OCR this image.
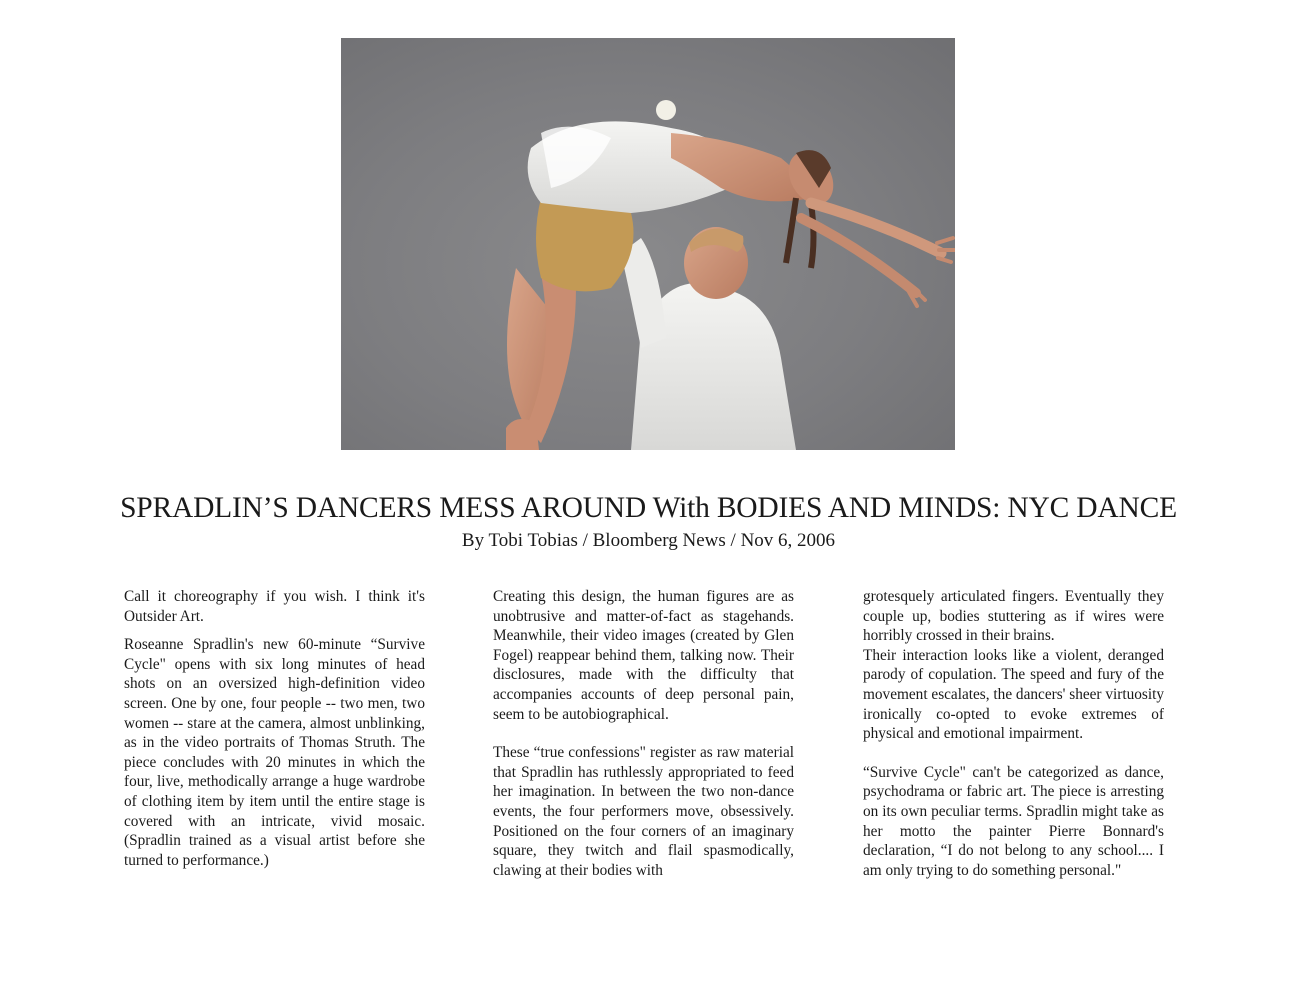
SPRADLIN’S DANCERS MESS AROUND With BODIES AND MINDS: NYC DANCE
By Tobi Tobias / Bloomberg News / Nov 6, 2006

Call it choreography if you wish. I think it's Outsider Art.

Roseanne Spradlin's new 60-minute “Survive Cycle" opens with six long minutes of head shots on an oversized high-definition video screen. One by one, four people -- two men, two women -- stare at the camera, almost unblinking, as in the video portraits of Thomas Struth. The piece concludes with 20 minutes in which the four, live, methodically arrange a huge wardrobe of clothing item by item until the entire stage is covered with an intricate, vivid mosaic. (Spradlin trained as a visual artist before she turned to performance.)

Creating this design, the human figures are as unobtrusive and matter-of-fact as stagehands. Meanwhile, their video images (created by Glen Fogel) reappear behind them, talking now. Their disclosures, made with the difficulty that accompanies accounts of deep personal pain, seem to be autobiographical.

These “true confessions" register as raw material that Spradlin has ruthlessly appropriated to feed her imagination. In between the two non-dance events, the four performers move, obsessively. Positioned on the four corners of an imaginary square, they twitch and flail spasmodically, clawing at their bodies with

grotesquely articulated fingers. Eventually they couple up, bodies stuttering as if wires were horribly crossed in their brains.

Their interaction looks like a violent, deranged parody of copulation. The speed and fury of the movement escalates, the dancers' sheer virtuosity ironically co-opted to evoke extremes of physical and emotional impairment.

“Survive Cycle" can't be categorized as dance, psychodrama or fabric art. The piece is arresting on its own peculiar terms. Spradlin might take as her motto the painter Pierre Bonnard's declaration, “I do not belong to any school.... I am only trying to do something personal."
